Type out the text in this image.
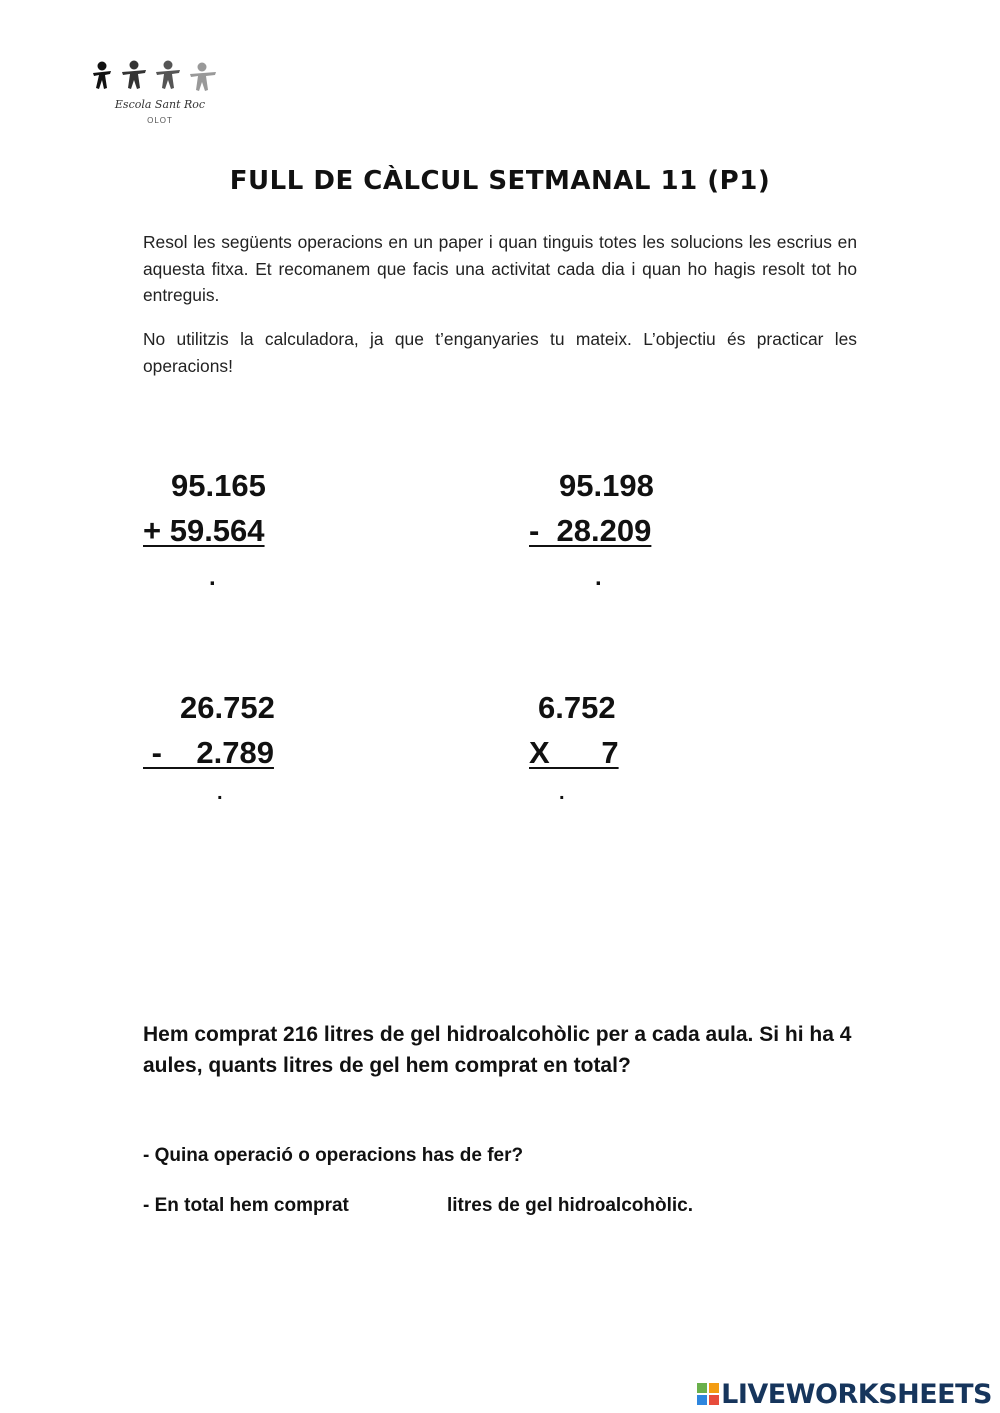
Escola Sant Roc
OLOT
FULL DE CÀLCUL SETMANAL 11 (P1)
Resol les següents operacions en un paper i quan tinguis totes les solucions les escrius en aquesta fitxa. Et recomanem que facis una activitat cada dia i quan ho hagis resolt tot ho entreguis.
No utilitzis la calculadora, ja que t’enganyaries tu mateix. L’objectiu és practicar les operacions!
95.165
+ 59.564
.
95.198
-  28.209
.
26.752
-    2.789
.
6.752
X      7
.
Hem comprat 216 litres de gel hidroalcohòlic per a cada aula. Si hi ha 4 aules, quants litres de gel hem comprat en total?
- Quina operació o operacions has de fer?
- En total hem comprat	litres de gel hidroalcohòlic.
LIVEWORKSHEETS
